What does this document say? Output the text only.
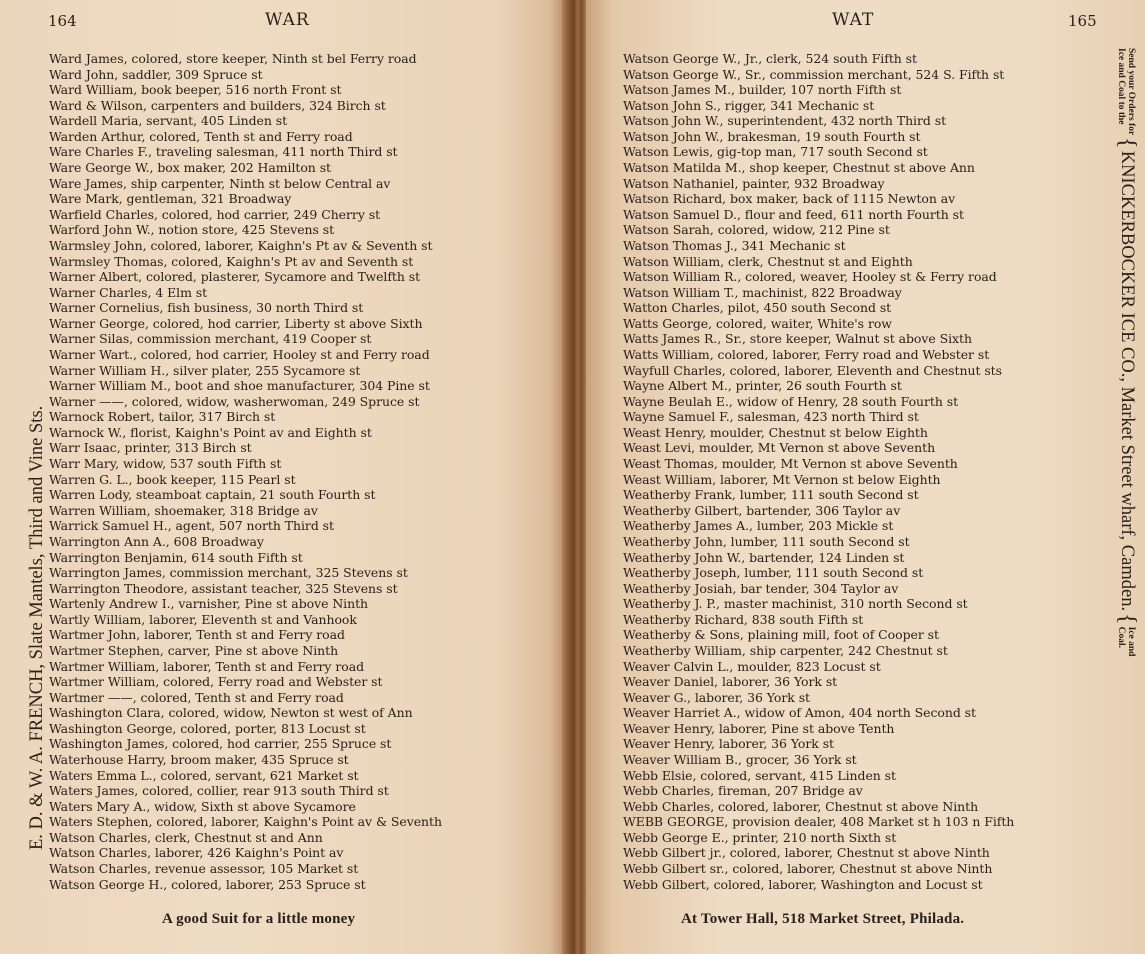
164	WAR
Ward James, colored, store keeper, Ninth st bel Ferry road
Ward John, saddler, 309 Spruce st
Ward William, book beeper, 516 north Front st
Ward & Wilson, carpenters and builders, 324 Birch st
Wardell Maria, servant, 405 Linden st
Warden Arthur, colored, Tenth st and Ferry road
Ware Charles F., traveling salesman, 411 north Third st
Ware George W., box maker, 202 Hamilton st
Ware James, ship carpenter, Ninth st below Central av
Ware Mark, gentleman, 321 Broadway
Warfield Charles, colored, hod carrier, 249 Cherry st
Warford John W., notion store, 425 Stevens st
Warmsley John, colored, laborer, Kaighn's Pt av & Seventh st
Warmsley Thomas, colored, Kaighn's Pt av and Seventh st
Warner Albert, colored, plasterer, Sycamore and Twelfth st
Warner Charles, 4 Elm st
Warner Cornelius, fish business, 30 north Third st
Warner George, colored, hod carrier, Liberty st above Sixth
Warner Silas, commission merchant, 419 Cooper st
Warner Wart., colored, hod carrier, Hooley st and Ferry road
Warner William H., silver plater, 255 Sycamore st
Warner William M., boot and shoe manufacturer, 304 Pine st
Warner ——, colored, widow, washerwoman, 249 Spruce st
Warnock Robert, tailor, 317 Birch st
Warnock W., florist, Kaighn's Point av and Eighth st
Warr Isaac, printer, 313 Birch st
Warr Mary, widow, 537 south Fifth st
Warren G. L., book keeper, 115 Pearl st
Warren Lody, steamboat captain, 21 south Fourth st
Warren William, shoemaker, 318 Bridge av
Warrick Samuel H., agent, 507 north Third st
Warrington Ann A., 608 Broadway
Warrington Benjamin, 614 south Fifth st
Warrington James, commission merchant, 325 Stevens st
Warrington Theodore, assistant teacher, 325 Stevens st
Wartenly Andrew I., varnisher, Pine st above Ninth
Wartly William, laborer, Eleventh st and Vanhook
Wartmer John, laborer, Tenth st and Ferry road
Wartmer Stephen, carver, Pine st above Ninth
Wartmer William, laborer, Tenth st and Ferry road
Wartmer William, colored, Ferry road and Webster st
Wartmer ——, colored, Tenth st and Ferry road
Washington Clara, colored, widow, Newton st west of Ann
Washington George, colored, porter, 813 Locust st
Washington James, colored, hod carrier, 255 Spruce st
Waterhouse Harry, broom maker, 435 Spruce st
Waters Emma L., colored, servant, 621 Market st
Waters James, colored, collier, rear 913 south Third st
Waters Mary A., widow, Sixth st above Sycamore
Waters Stephen, colored, laborer, Kaighn's Point av & Seventh
Watson Charles, clerk, Chestnut st and Ann
Watson Charles, laborer, 426 Kaighn's Point av
Watson Charles, revenue assessor, 105 Market st
Watson George H., colored, laborer, 253 Spruce st
E. D. & W. A. FRENCH, Slate Mantels, Third and Vine Sts.
A good Suit for a little money
WAT	165
Watson George W., Jr., clerk, 524 south Fifth st
Watson George W., Sr., commission merchant, 524 S. Fifth st
Watson James M., builder, 107 north Fifth st
Watson John S., rigger, 341 Mechanic st
Watson John W., superintendent, 432 north Third st
Watson John W., brakesman, 19 south Fourth st
Watson Lewis, gig-top man, 717 south Second st
Watson Matilda M., shop keeper, Chestnut st above Ann
Watson Nathaniel, painter, 932 Broadway
Watson Richard, box maker, back of 1115 Newton av
Watson Samuel D., flour and feed, 611 north Fourth st
Watson Sarah, colored, widow, 212 Pine st
Watson Thomas J., 341 Mechanic st
Watson William, clerk, Chestnut st and Eighth
Watson William R., colored, weaver, Hooley st & Ferry road
Watson William T., machinist, 822 Broadway
Watton Charles, pilot, 450 south Second st
Watts George, colored, waiter, White's row
Watts James R., Sr., store keeper, Walnut st above Sixth
Watts William, colored, laborer, Ferry road and Webster st
Wayfull Charles, colored, laborer, Eleventh and Chestnut sts
Wayne Albert M., printer, 26 south Fourth st
Wayne Beulah E., widow of Henry, 28 south Fourth st
Wayne Samuel F., salesman, 423 north Third st
Weast Henry, moulder, Chestnut st below Eighth
Weast Levi, moulder, Mt Vernon st above Seventh
Weast Thomas, moulder, Mt Vernon st above Seventh
Weast William, laborer, Mt Vernon st below Eighth
Weatherby Frank, lumber, 111 south Second st
Weatherby Gilbert, bartender, 306 Taylor av
Weatherby James A., lumber, 203 Mickle st
Weatherby John, lumber, 111 south Second st
Weatherby John W., bartender, 124 Linden st
Weatherby Joseph, lumber, 111 south Second st
Weatherby Josiah, bar tender, 304 Taylor av
Weatherby J. P., master machinist, 310 north Second st
Weatherby Richard, 838 south Fifth st
Weatherby & Sons, plaining mill, foot of Cooper st
Weatherby William, ship carpenter, 242 Chestnut st
Weaver Calvin L., moulder, 823 Locust st
Weaver Daniel, laborer, 36 York st
Weaver G., laborer, 36 York st
Weaver Harriet A., widow of Amon, 404 north Second st
Weaver Henry, laborer, Pine st above Tenth
Weaver Henry, laborer, 36 York st
Weaver William B., grocer, 36 York st
Webb Elsie, colored, servant, 415 Linden st
Webb Charles, fireman, 207 Bridge av
Webb Charles, colored, laborer, Chestnut st above Ninth
WEBB GEORGE, provision dealer, 408 Market st h 103 n Fifth
Webb George E., printer, 210 north Sixth st
Webb Gilbert jr., colored, laborer, Chestnut st above Ninth
Webb Gilbert sr., colored, laborer, Chestnut st above Ninth
Webb Gilbert, colored, laborer, Washington and Locust st
At Tower Hall, 518 Market Street, Philada.
Send your Orders for
Ice and Coal to the
{
KNICKERBOCKER ICE CO., Market Street wharf, Camden.
{
Ice and
Coal.
